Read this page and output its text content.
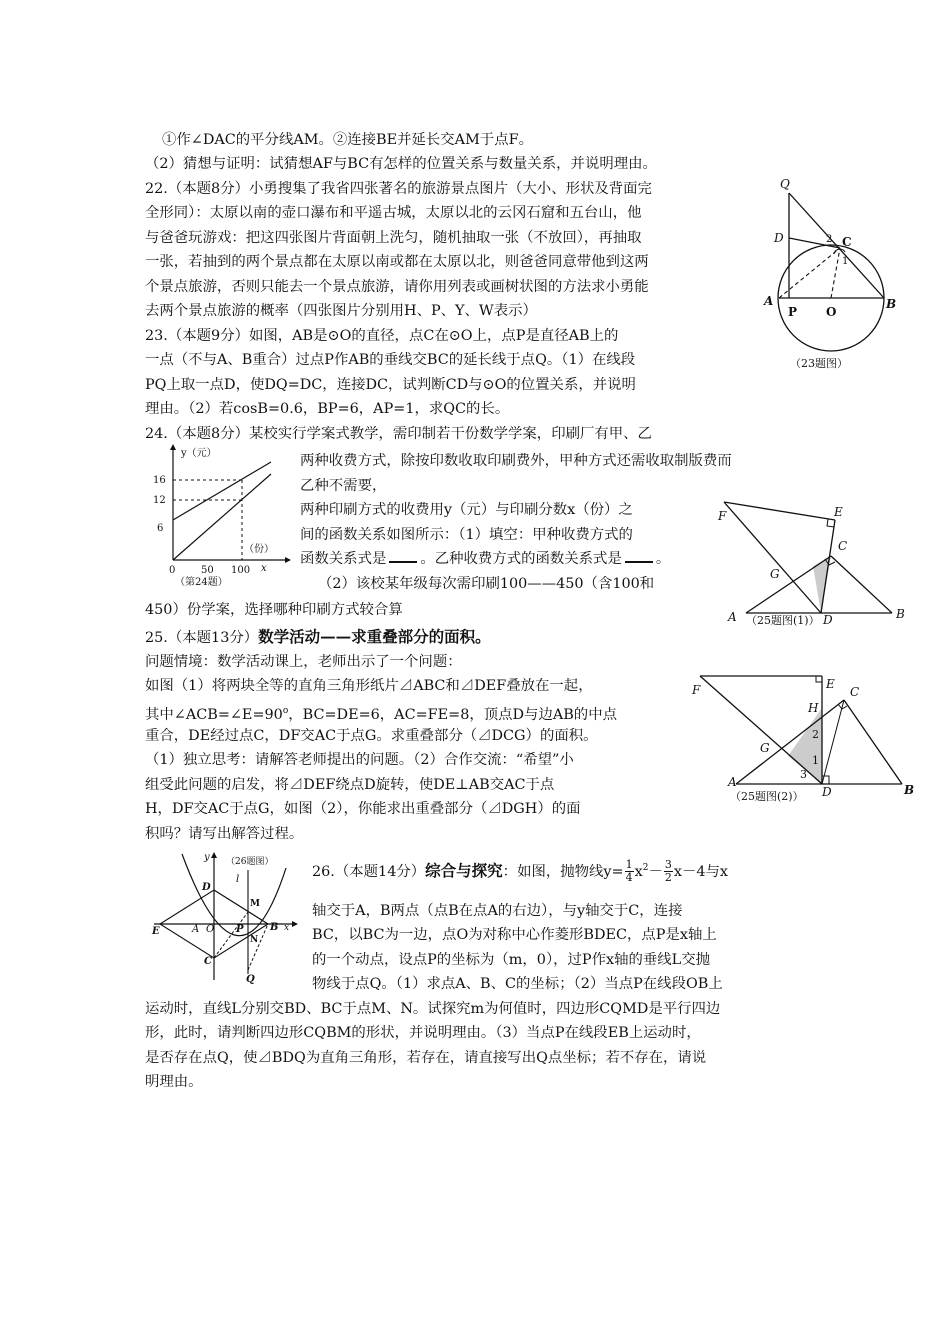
①作∠DAC的平分线AM。②连接BE并延长交AM于点F。
（2）猜想与证明：试猜想AF与BC有怎样的位置关系与数量关系，并说明理由。
22.（本题8分）小勇搜集了我省四张著名的旅游景点图片（大小、形状及背面完
全形同）：太原以南的壶口瀑布和平遥古城，太原以北的云冈石窟和五台山，他
与爸爸玩游戏：把这四张图片背面朝上洗匀，随机抽取一张（不放回），再抽取
一张，若抽到的两个景点都在太原以南或都在太原以北，则爸爸同意带他到这两
个景点旅游，否则只能去一个景点旅游，请你用列表或画树状图的方法求小勇能
去两个景点旅游的概率（四张图片分别用H、P、Y、W表示）
23.（本题9分）如图，AB是⊙O的直径，点C在⊙O上，点P是直径AB上的
一点（不与A、B重合）过点P作AB的垂线交BC的延长线于点Q。（1）在线段
PQ上取一点D，使DQ=DC，连接DC，试判断CD与⊙O的位置关系，并说明
理由。（2）若cosB=0.6，BP=6，AP=1，求QC的长。
Q
D	C
2
1
A
P O
B
（23题图）
24.（本题8分）某校实行学案式教学，需印制若干份数学学案，印刷厂有甲、乙
两种收费方式，除按印数收取印刷费外，甲种方式还需收取制版费而
乙种不需要，
两种印刷方式的收费用y（元）与印刷分数x（份）之
间的函数关系如图所示：（1）填空：甲种收费方式的
函数关系式是 。乙种收费方式的函数关系式是 。
（2）该校某年级每次需印刷100——450（含100和
450）份学案，选择哪种印刷方式较合算
y（元）
16
12
6
0	50 100 x
（份）
（第24题）
F	E
C
G
A	D	B
（25题图(1)）
25.（本题13分）数学活动——求重叠部分的面积。
问题情境：数学活动课上，老师出示了一个问题：
如图（1）将两块全等的直角三角形纸片⊿ABC和⊿DEF叠放在一起，
其中$\angle ACB=\angle E=90^o$，BC=DE=6，AC=FE=8，顶点D与边AB的中点
重合，DE经过点C，DF交AC于点G。求重叠部分（⊿DCG）的面积。
（1）独立思考：请解答老师提出的问题。（2）合作交流：“希望”小
组受此问题的启发，将⊿DEF绕点D旋转，使DE⊥AB交AC于点
H，DF交AC于点G，如图（2），你能求出重叠部分（⊿DGH）的面
积吗？请写出解答过程。
F	E
C
H
G
2
1
3
A
D	B
（25题图(2)）
y （26题图）
l
D
M
E	A O P	B x
N
C
Q
26.（本题14分）综合与探究：如图，抛物线$y= \frac{1}{4} x^2- \frac{3}{2} x-4$与x
轴交于A，B两点（点B在点A的右边），与y轴交于C，连接
BC，以BC为一边，点O为对称中心作菱形BDEC，点P是x轴上
的一个动点，设点P的坐标为（m，0），过P作x轴的垂线L交抛
物线于点Q。（1）求点A、B、C的坐标；（2）当点P在线段OB上
运动时，直线L分别交BD、BC于点M、N。试探究m为何值时，四边形CQMD是平行四边
形，此时，请判断四边形CQBM的形状，并说明理由。（3）当点P在线段EB上运动时，
是否存在点Q，使⊿BDQ为直角三角形，若存在，请直接写出Q点坐标；若不存在，请说
明理由。
